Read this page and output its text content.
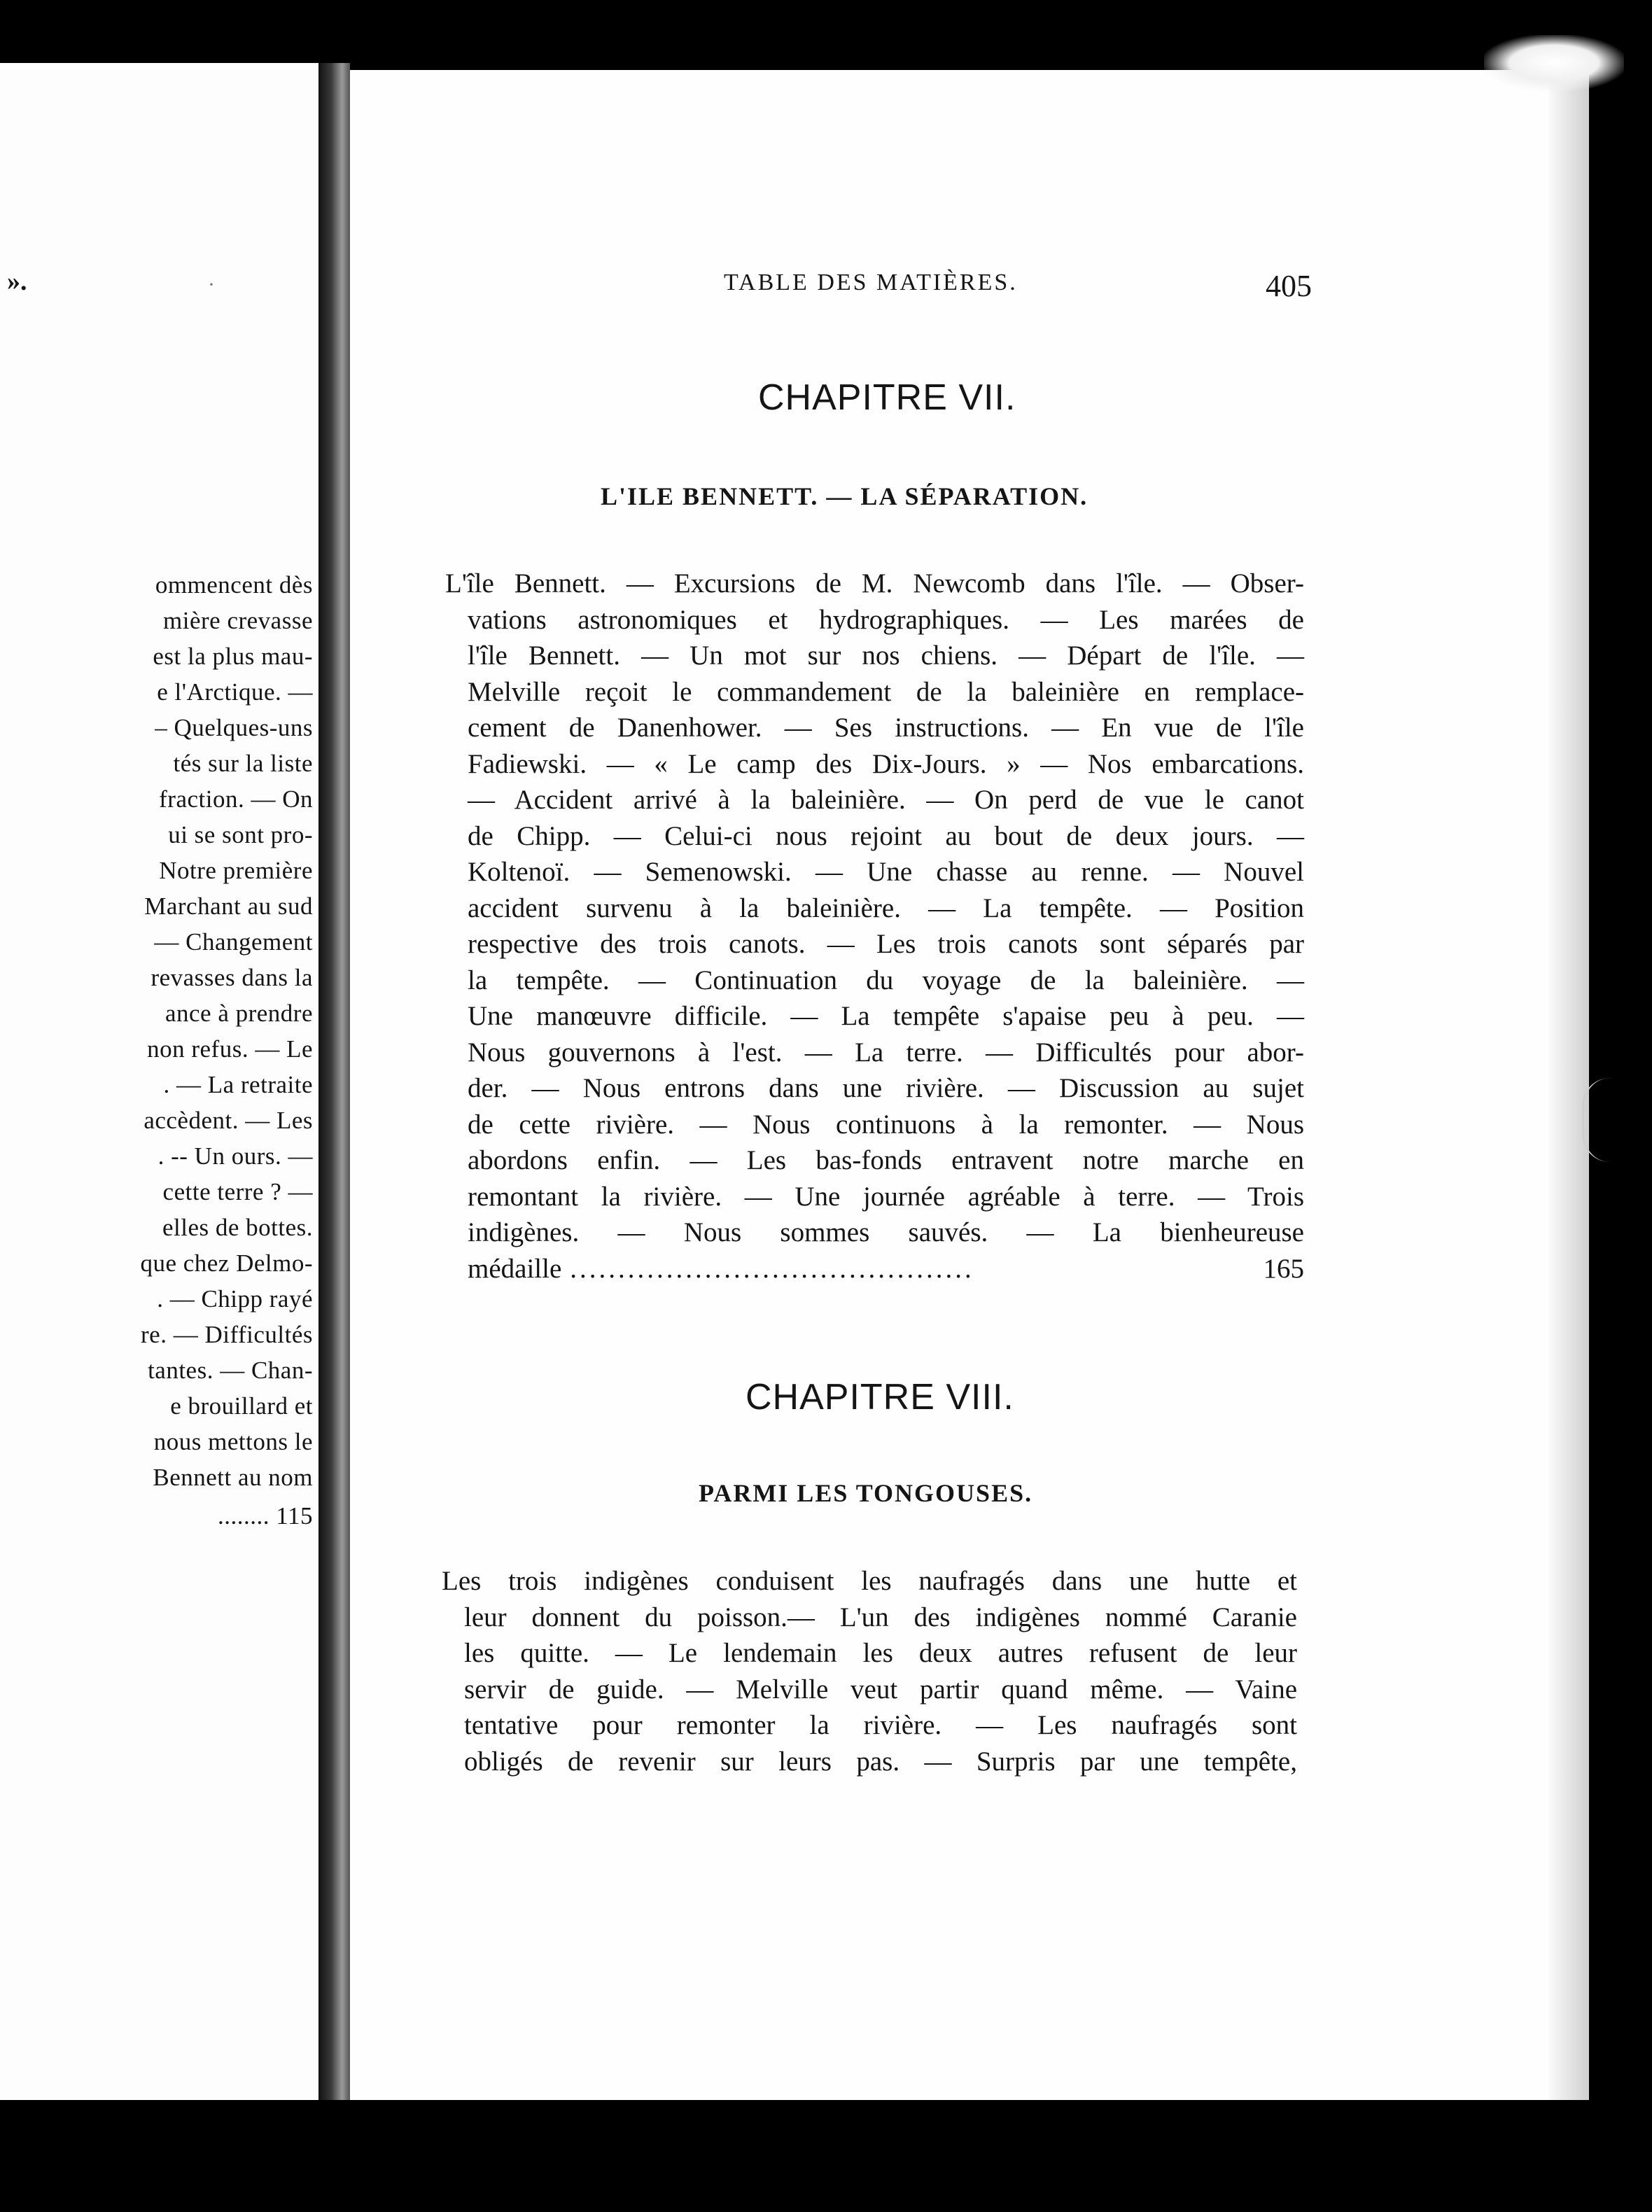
».	·
ommencent dès
mière crevasse
est la plus mau-
e l'Arctique. —
– Quelques-uns
tés sur la liste
fraction. — On
ui se sont pro-
Notre première
Marchant au sud
— Changement
revasses dans la
ance à prendre
non refus. — Le
. — La retraite
accèdent. — Les
. -- Un ours. —
cette terre ? —
elles de bottes.
que chez Delmo-
. — Chipp rayé
re. — Difficultés
tantes. — Chan-
e brouillard et
nous mettons le
Bennett au nom
........ 115
TABLE DES MATIÈRES.	405
CHAPITRE VII.
L'ILE BENNETT. — LA SÉPARATION.

L'île Bennett. — Excursions de M. Newcomb dans l'île. — Obser-

vations astronomiques et hydrographiques. — Les marées de

l'île Bennett. — Un mot sur nos chiens. — Départ de l'île. —

Melville reçoit le commandement de la baleinière en remplace-

cement de Danenhower. — Ses instructions. — En vue de l'île

Fadiewski. — « Le camp des Dix-Jours. » — Nos embarcations.

— Accident arrivé à la baleinière. — On perd de vue le canot

de Chipp. — Celui-ci nous rejoint au bout de deux jours. —

Koltenoï. — Semenowski. — Une chasse au renne. — Nouvel

accident survenu à la baleinière. — La tempête. — Position

respective des trois canots. — Les trois canots sont séparés par

la tempête. — Continuation du voyage de la baleinière. —

Une manœuvre difficile. — La tempête s'apaise peu à peu. —

Nous gouvernons à l'est. — La terre. — Difficultés pour abor-

der. — Nous entrons dans une rivière. — Discussion au sujet

de cette rivière. — Nous continuons à la remonter. — Nous

abordons enfin. — Les bas-fonds entravent notre marche en

remontant la rivière. — Une journée agréable à terre. — Trois

indigènes. — Nous sommes sauvés. — La bienheureuse

médaille ..........................................	165
CHAPITRE VIII.
PARMI LES TONGOUSES.

Les trois indigènes conduisent les naufragés dans une hutte et

leur donnent du poisson.— L'un des indigènes nommé Caranie

les quitte. — Le lendemain les deux autres refusent de leur

servir de guide. — Melville veut partir quand même. — Vaine

tentative pour remonter la rivière. — Les naufragés sont

obligés de revenir sur leurs pas. — Surpris par une tempête,
